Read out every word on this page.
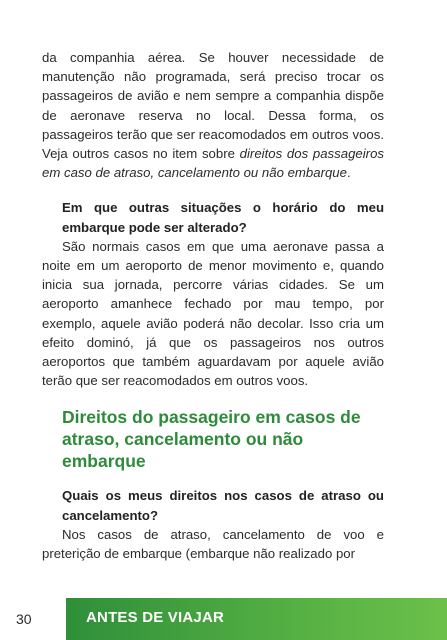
da companhia aérea. Se houver necessidade de manutenção não programada, será preciso trocar os passageiros de avião e nem sempre a companhia dispõe de aeronave reserva no local. Dessa forma, os passageiros terão que ser reacomodados em outros voos. Veja outros casos no item sobre direitos dos passageiros em caso de atraso, cancelamento ou não embarque.

Em que outras situações o horário do meu embarque pode ser alterado?

São normais casos em que uma aeronave passa a noite em um aeroporto de menor movimento e, quando inicia sua jornada, percorre várias cidades. Se um aeroporto amanhece fechado por mau tempo, por exemplo, aquele avião poderá não decolar. Isso cria um efeito dominó, já que os passageiros nos outros aeroportos que também aguardavam por aquele avião terão que ser reacomodados em outros voos.

Direitos do passageiro em casos de atraso, cancelamento ou não embarque

Quais os meus direitos nos casos de atraso ou cancelamento?

Nos casos de atraso, cancelamento de voo e preterição de embarque (embarque não realizado por

30	ANTES DE VIAJAR
